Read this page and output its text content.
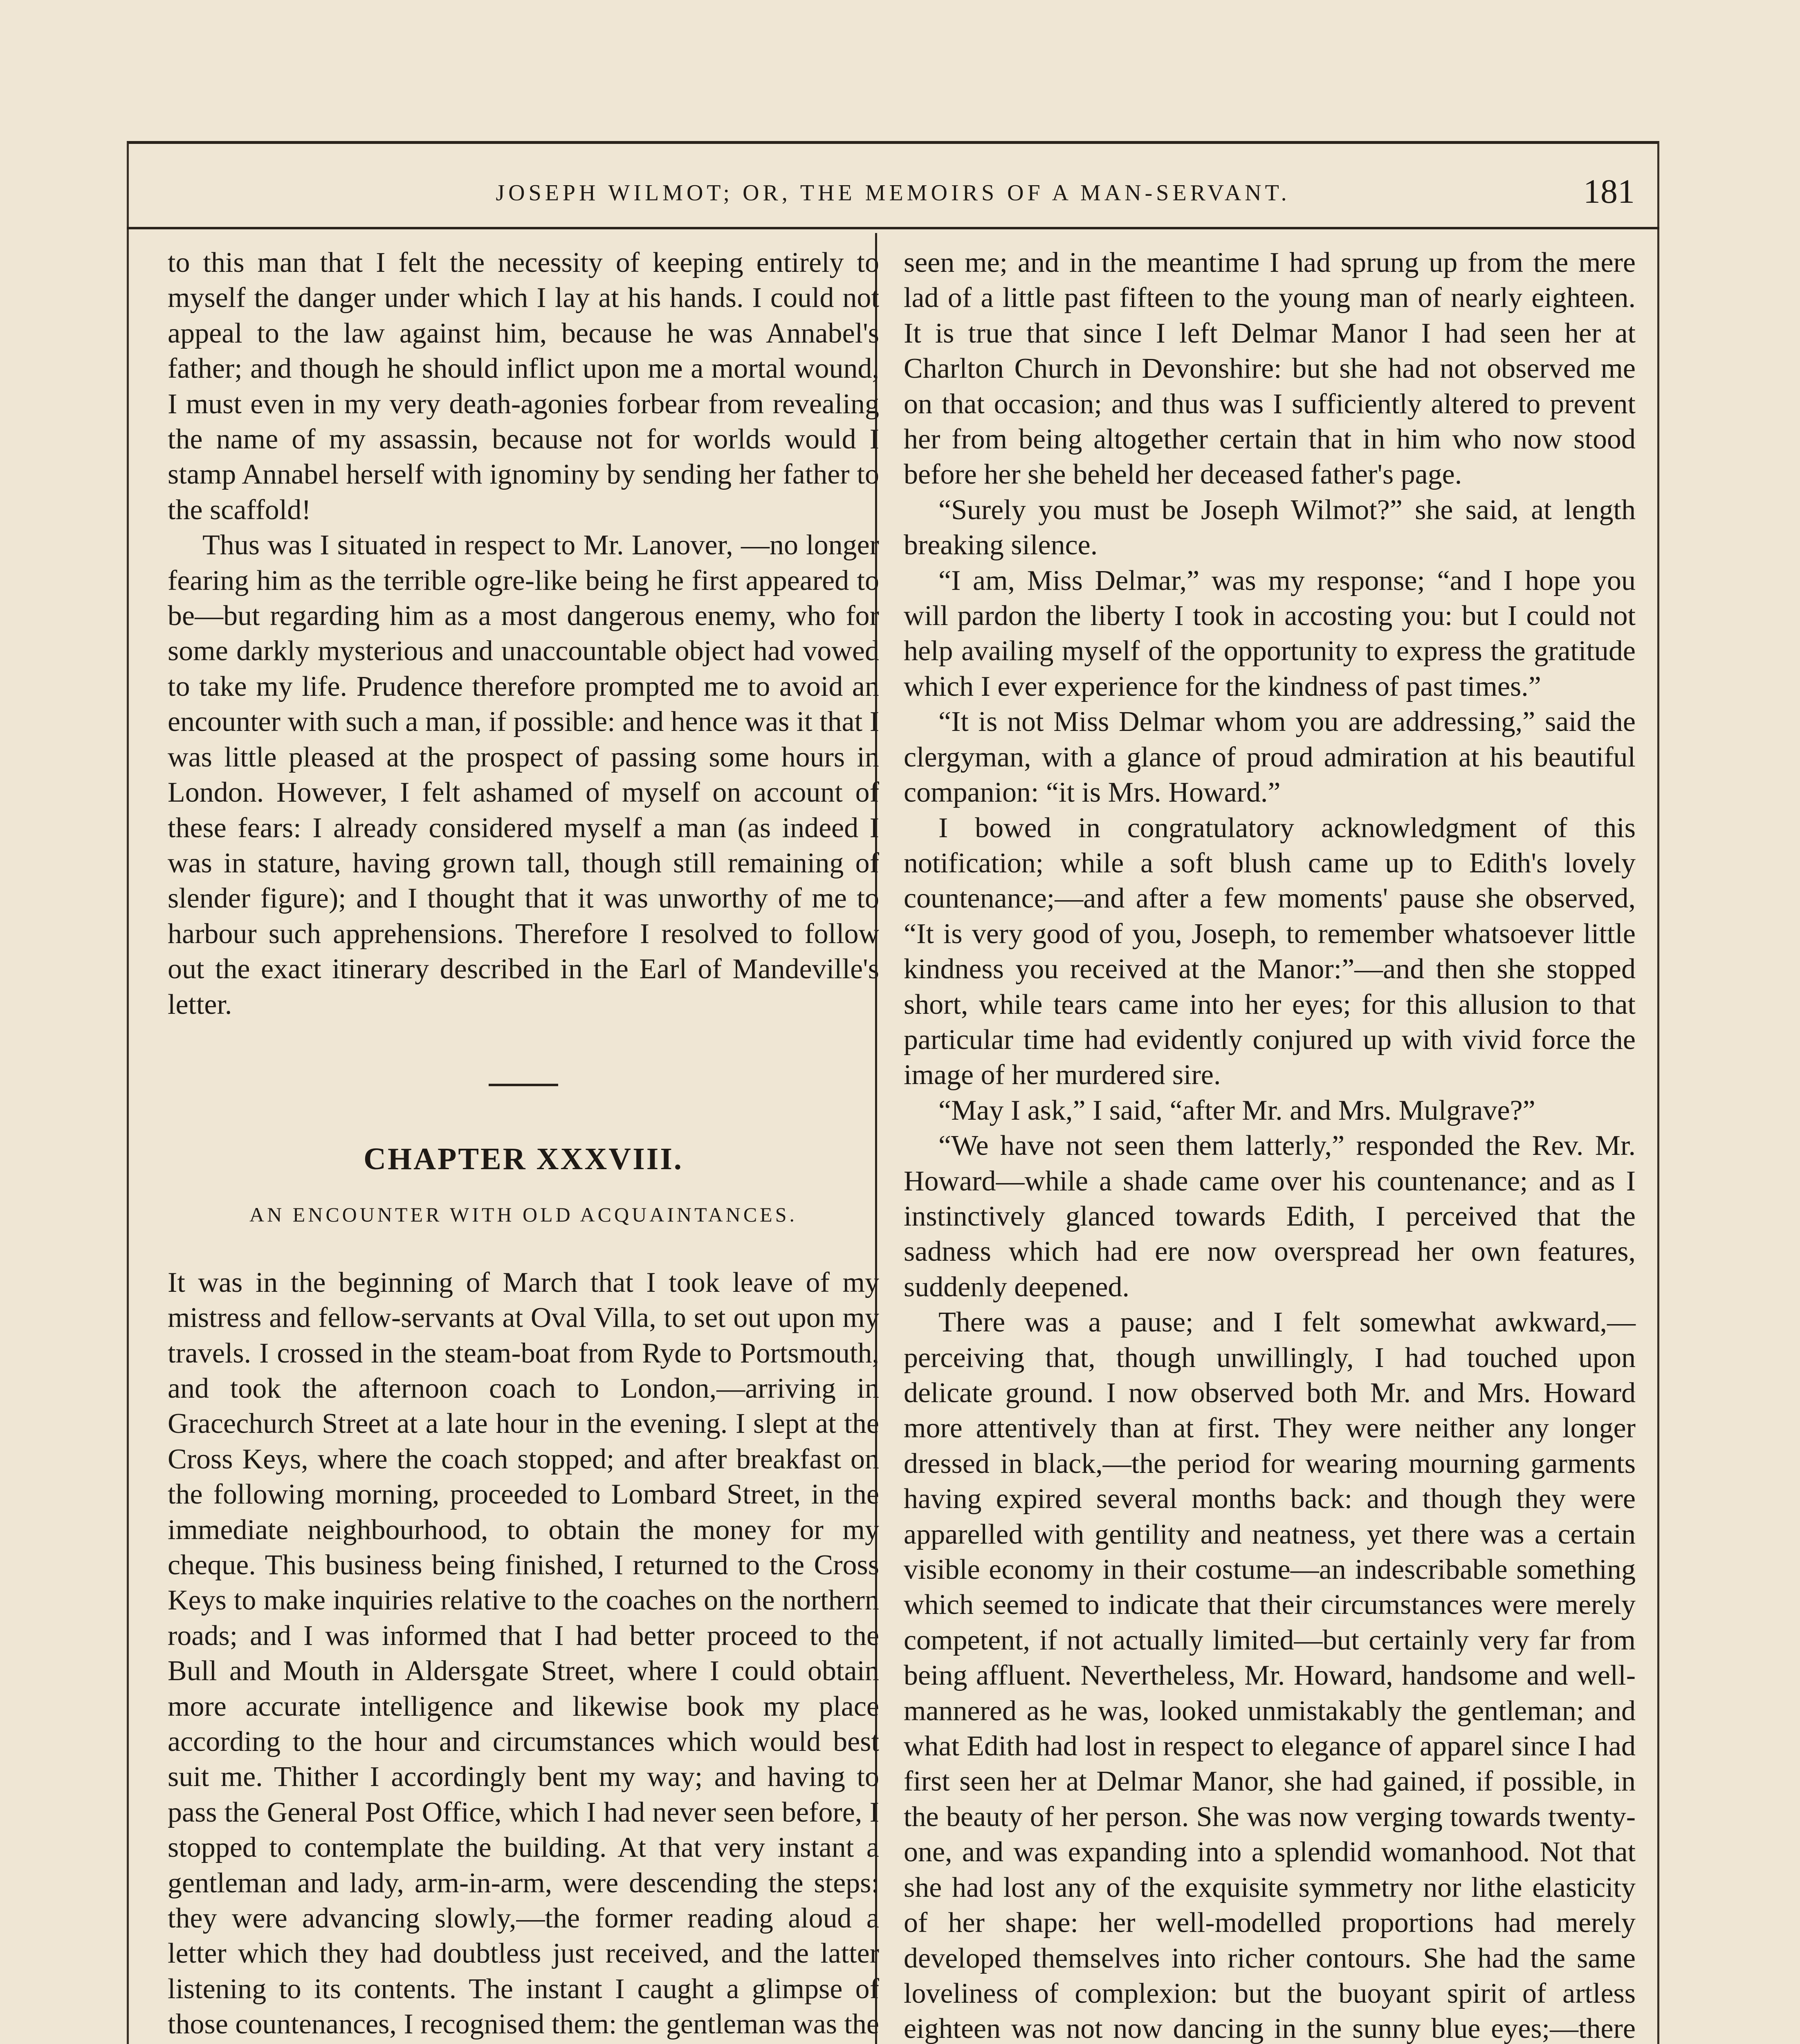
JOSEPH WILMOT; OR, THE MEMOIRS OF A MAN-SERVANT.	181

to this man that I felt the necessity of keeping entirely to myself the danger under which I lay at his hands. I could not appeal to the law against him, because he was Annabel's father; and though he should inflict upon me a mortal wound, I must even in my very death-agonies forbear from revealing the name of my assassin, because not for worlds would I stamp Annabel herself with ignominy by sending her father to the scaffold!

Thus was I situated in respect to Mr. Lanover, —no longer fearing him as the terrible ogre-like being he first appeared to be—but regarding him as a most dangerous enemy, who for some darkly mysterious and unaccountable object had vowed to take my life. Prudence therefore prompted me to avoid an encounter with such a man, if possible: and hence was it that I was little pleased at the prospect of passing some hours in London. However, I felt ashamed of myself on account of these fears: I already considered myself a man (as indeed I was in stature, having grown tall, though still remaining of slender figure); and I thought that it was unworthy of me to harbour such apprehensions. Therefore I resolved to follow out the exact itinerary described in the Earl of Mandeville's letter.

CHAPTER XXXVIII.
AN ENCOUNTER WITH OLD ACQUAINTANCES.

It was in the beginning of March that I took leave of my mistress and fellow-servants at Oval Villa, to set out upon my travels. I crossed in the steam-boat from Ryde to Portsmouth, and took the afternoon coach to London,—arriving in Gracechurch Street at a late hour in the evening. I slept at the Cross Keys, where the coach stopped; and after breakfast on the following morning, proceeded to Lombard Street, in the immediate neighbourhood, to obtain the money for my cheque. This business being finished, I returned to the Cross Keys to make inquiries relative to the coaches on the northern roads; and I was informed that I had better proceed to the Bull and Mouth in Aldersgate Street, where I could obtain more accurate intelligence and likewise book my place according to the hour and circumstances which would best suit me. Thither I accordingly bent my way; and having to pass the General Post Office, which I had never seen before, I stopped to contemplate the building. At that very instant a gentleman and lady, arm-in-arm, were descending the steps: they were advancing slowly,—the former reading aloud a letter which they had doubtless just received, and the latter listening to its contents. The instant I caught a glimpse of those countenances, I recognised them: the gentleman was the

seen me; and in the meantime I had sprung up from the mere lad of a little past fifteen to the young man of nearly eighteen. It is true that since I left Delmar Manor I had seen her at Charlton Church in Devonshire: but she had not observed me on that occasion; and thus was I sufficiently altered to prevent her from being altogether certain that in him who now stood before her she beheld her deceased father's page.

“Surely you must be Joseph Wilmot?” she said, at length breaking silence.

“I am, Miss Delmar,” was my response; “and I hope you will pardon the liberty I took in accosting you: but I could not help availing myself of the opportunity to express the gratitude which I ever experience for the kindness of past times.”

“It is not Miss Delmar whom you are addressing,” said the clergyman, with a glance of proud admiration at his beautiful companion: “it is Mrs. Howard.”

I bowed in congratulatory acknowledgment of this notification; while a soft blush came up to Edith's lovely countenance;—and after a few moments' pause she observed, “It is very good of you, Joseph, to remember whatsoever little kindness you received at the Manor:”—and then she stopped short, while tears came into her eyes; for this allusion to that particular time had evidently conjured up with vivid force the image of her murdered sire.

“May I ask,” I said, “after Mr. and Mrs. Mulgrave?”

“We have not seen them latterly,” responded the Rev. Mr. Howard—while a shade came over his countenance; and as I instinctively glanced towards Edith, I perceived that the sadness which had ere now overspread her own features, suddenly deepened.

There was a pause; and I felt somewhat awkward,—perceiving that, though unwillingly, I had touched upon delicate ground. I now observed both Mr. and Mrs. Howard more attentively than at first. They were neither any longer dressed in black,—the period for wearing mourning garments having expired several months back: and though they were apparelled with gentility and neatness, yet there was a certain visible economy in their costume—an indescribable something which seemed to indicate that their circumstances were merely competent, if not actually limited—but certainly very far from being affluent. Nevertheless, Mr. Howard, handsome and well-mannered as he was, looked unmistakably the gentleman; and what Edith had lost in respect to elegance of apparel since I had first seen her at Delmar Manor, she had gained, if possible, in the beauty of her person. She was now verging towards twenty-one, and was expanding into a splendid womanhood. Not that she had lost any of the exquisite symmetry nor lithe elasticity of her shape: her well-modelled proportions had merely developed themselves into richer contours. She had the same loveliness of complexion: but the buoyant spirit of artless eighteen was not now dancing in the sunny blue eyes;—there
